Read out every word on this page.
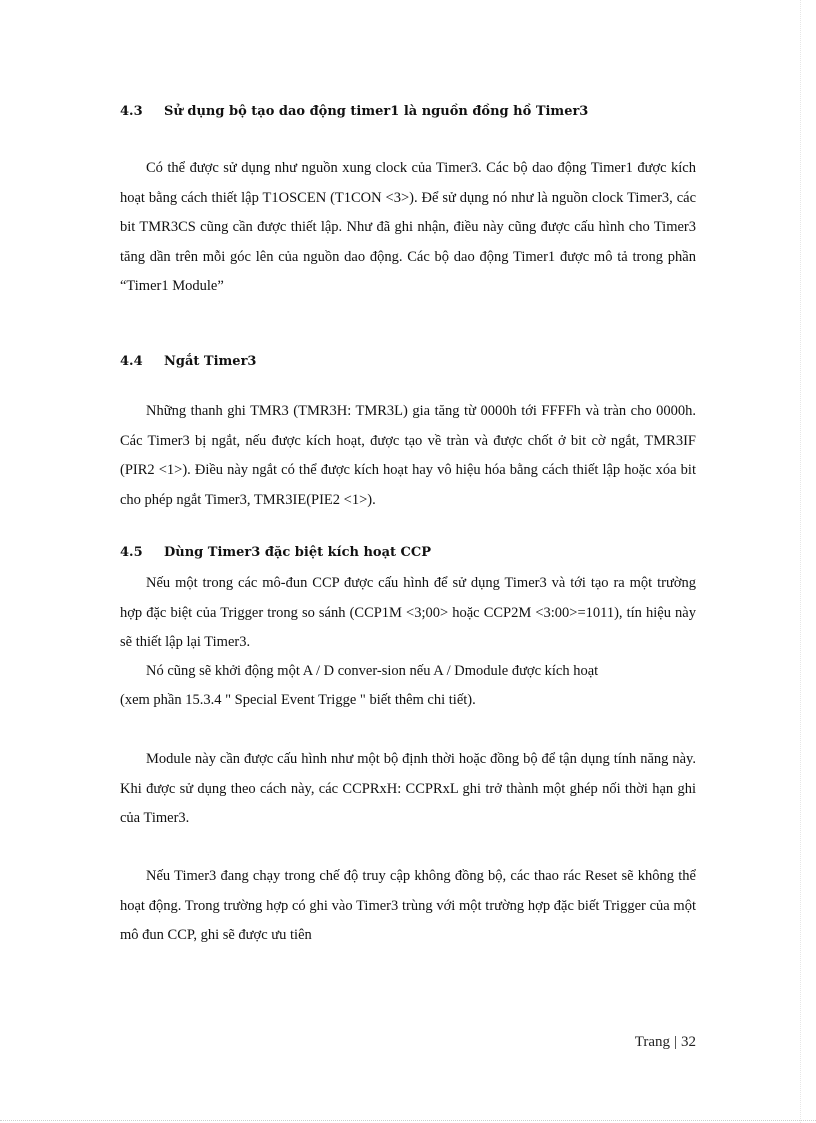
4.3 Sử dụng bộ tạo dao động timer1 là nguồn đồng hồ Timer3

Có thể được sử dụng như nguồn xung clock của Timer3. Các bộ dao động Timer1 được kích hoạt bằng cách thiết lập T1OSCEN (T1CON <3>). Để sử dụng nó như là nguồn clock Timer3, các bit TMR3CS cũng cần được thiết lập. Như đã ghi nhận, điều này cũng được cấu hình cho Timer3 tăng dần trên mỗi góc lên của nguồn dao động. Các bộ dao động Timer1 được mô tả trong phần “Timer1 Module”

4.4 Ngắt Timer3

Những thanh ghi TMR3 (TMR3H: TMR3L) gia tăng từ 0000h tới FFFFh và tràn cho 0000h. Các Timer3 bị ngắt, nếu được kích hoạt, được tạo về tràn và được chốt ở bit cờ ngắt, TMR3IF (PIR2 <1>). Điều này ngắt có thể được kích hoạt hay vô hiệu hóa bằng cách thiết lập hoặc xóa bit cho phép ngắt Timer3, TMR3IE(PIE2 <1>).

4.5 Dùng Timer3 đặc biệt kích hoạt CCP

Nếu một trong các mô-đun CCP được cấu hình để sử dụng Timer3 và tới tạo ra một trường hợp đặc biệt của Trigger trong so sánh (CCP1M <3;00> hoặc CCP2M <3:00>=1011), tín hiệu này sẽ thiết lập lại Timer3.

Nó cũng sẽ khởi động một A / D conver-sion nếu A / Dmodule được kích hoạt

(xem phần 15.3.4 " Special Event Trigge " biết thêm chi tiết).

Module này cần được cấu hình như một bộ định thời hoặc đồng bộ để tận dụng tính năng này. Khi được sử dụng theo cách này, các CCPRxH: CCPRxL ghi trở thành một ghép nối thời hạn ghi của Timer3.

Nếu Timer3 đang chạy trong chế độ truy cập không đồng bộ, các thao rác Reset sẽ không thể hoạt động. Trong trường hợp có ghi vào Timer3 trùng với một trường hợp đặc biết Trigger của một mô đun CCP, ghi sẽ được ưu tiên

Trang | 32
